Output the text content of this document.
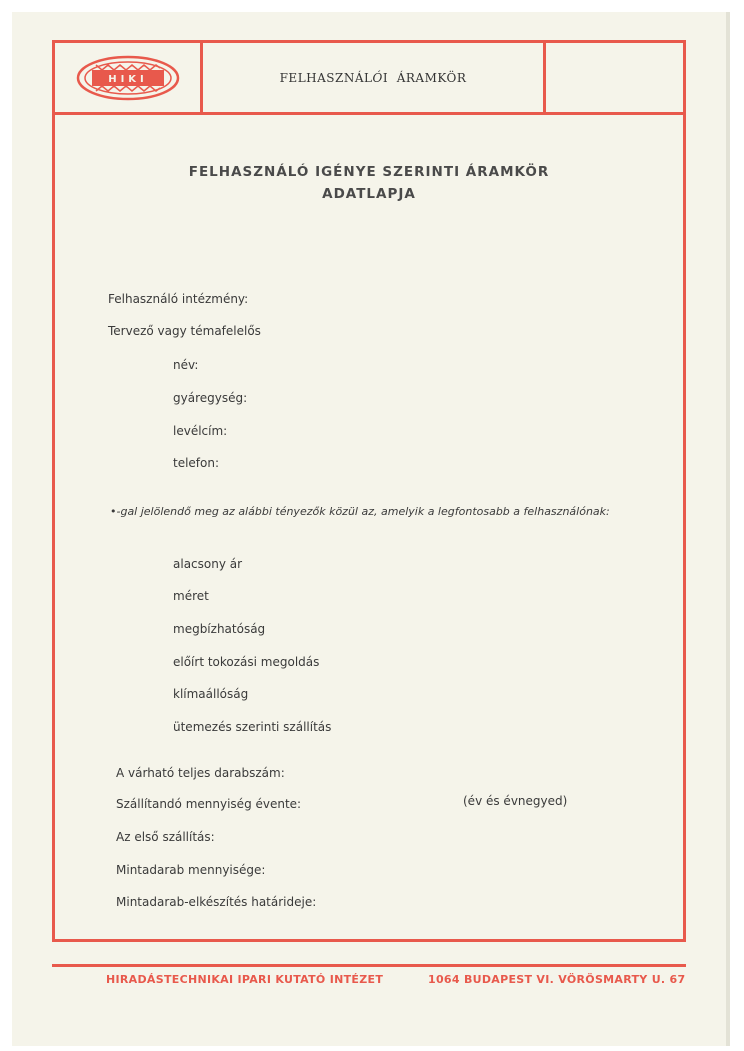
HIKI	FELHASZNÁL Ó I  ÁRAMKÖR
FELHASZNÁLÓ IGÉNYE SZERINTI ÁRAMKÖR
ADATLAPJA
Felhasználó intézmény:
Tervező vagy témafelelős
név:
gyáregység:
levélcím:
telefon:
•-gal jelölendő meg az alábbi tényezők közül az, amelyik a legfontosabb a felhasználónak:
alacsony ár
méret
megbízhatóság
előírt tokozási megoldás
klímaállóság
ütemezés szerinti szállítás
A várható teljes darabszám:
Szállítandó mennyiség évente:	(év és évnegyed)
Az első szállítás:
Mintadarab mennyisége:
Mintadarab-elkészítés határideje:
HIRADÁSTECHNIKAI IPARI KUTATÓ INTÉZET	1064 BUDAPEST VI. VÖRÖSMARTY U. 67
